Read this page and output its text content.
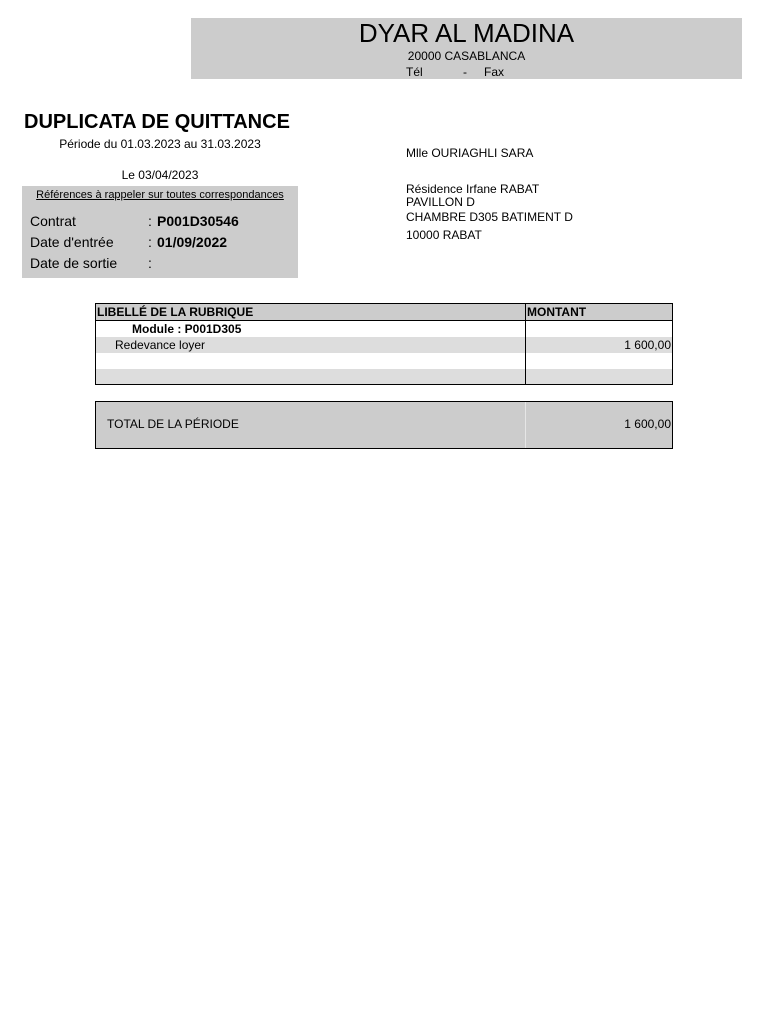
DYAR AL MADINA
20000 CASABLANCA
Tél	- Fax
DUPLICATA DE QUITTANCE
Période du 01.03.2023 au 31.03.2023
Le 03/04/2023
Références à rappeler sur toutes correspondances
Contrat	: P001D30546
Date d'entrée : 01/09/2022
Date de sortie :
Mlle OURIAGHLI SARA
Résidence Irfane RABAT
PAVILLON D
CHAMBRE D305 BATIMENT D
10000 RABAT
LIBELLÉ DE LA RUBRIQUE	MONTANT
Module : P001D305
Redevance loyer	1 600,00
TOTAL DE LA PÉRIODE	1 600,00
